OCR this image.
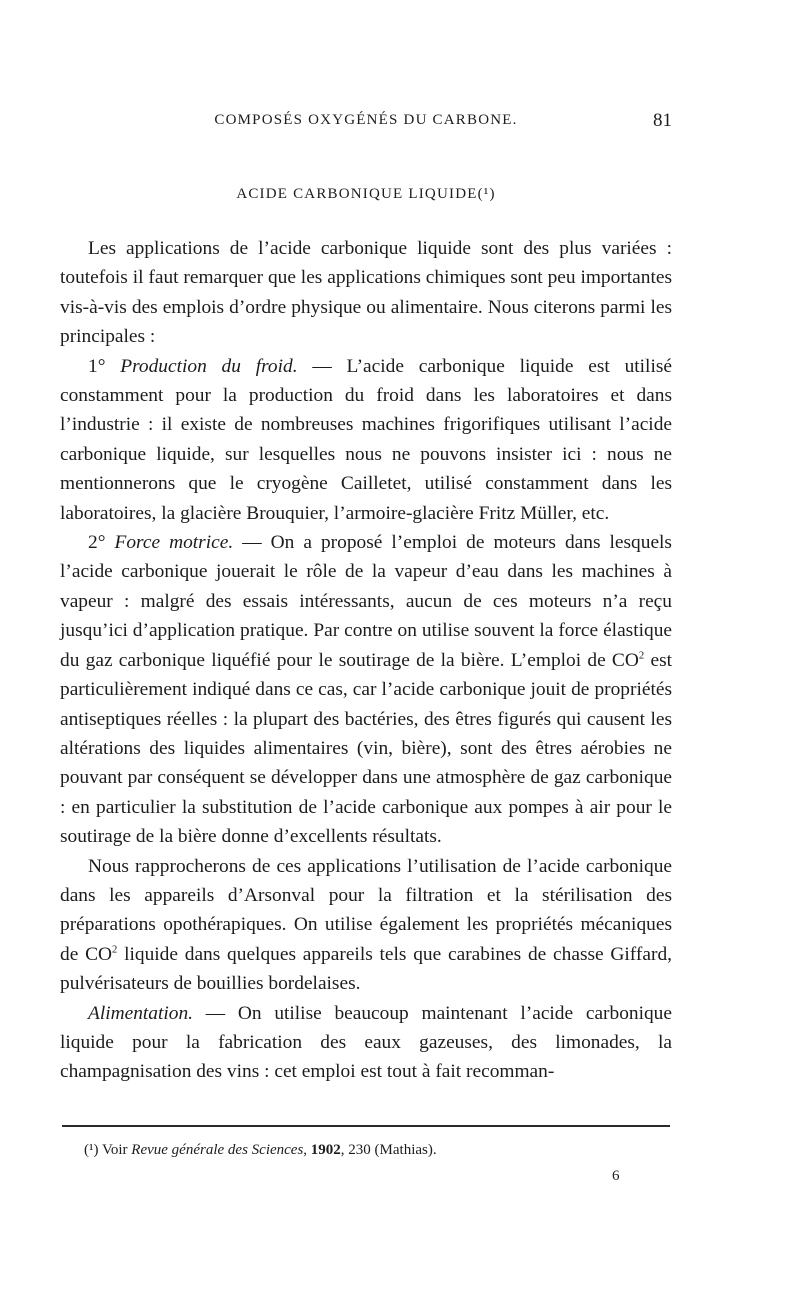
COMPOSÉS OXYGÉNÉS DU CARBONE.	81
ACIDE CARBONIQUE LIQUIDE(¹)

Les applications de l’acide carbonique liquide sont des plus variées : toutefois il faut remarquer que les applications chimiques sont peu importantes vis-à-vis des emplois d’ordre physique ou alimentaire. Nous citerons parmi les principales :

1° Production du froid. — L’acide carbonique liquide est utilisé constamment pour la production du froid dans les laboratoires et dans l’industrie : il existe de nombreuses machines frigorifiques utilisant l’acide carbonique liquide, sur lesquelles nous ne pouvons insister ici : nous ne mentionnerons que le cryogène Cailletet, utilisé constamment dans les laboratoires, la glacière Brouquier, l’armoire-glacière Fritz Müller, etc.

2° Force motrice. — On a proposé l’emploi de moteurs dans lesquels l’acide carbonique jouerait le rôle de la vapeur d’eau dans les machines à vapeur : malgré des essais intéressants, aucun de ces moteurs n’a reçu jusqu’ici d’application pratique. Par contre on utilise souvent la force élastique du gaz carbonique liquéfié pour le soutirage de la bière. L’emploi de $CO^2$ est particulièrement indiqué dans ce cas, car l’acide carbonique jouit de propriétés antiseptiques réelles : la plupart des bactéries, des êtres figurés qui causent les altérations des liquides alimentaires (vin, bière), sont des êtres aérobies ne pouvant par conséquent se développer dans une atmosphère de gaz carbonique : en particulier la substitution de l’acide carbonique aux pompes à air pour le soutirage de la bière donne d’excellents résultats.

Nous rapprocherons de ces applications l’utilisation de l’acide carbonique dans les appareils d’Arsonval pour la filtration et la stérilisation des préparations opothérapiques. On utilise également les propriétés mécaniques de $CO^2$ liquide dans quelques appareils tels que carabines de chasse Giffard, pulvérisateurs de bouillies bordelaises.

Alimentation. — On utilise beaucoup maintenant l’acide carbonique liquide pour la fabrication des eaux gazeuses, des limonades, la champagnisation des vins : cet emploi est tout à fait recomman-

(¹) Voir Revue générale des Sciences, 1902, 230 (Mathias).
6
